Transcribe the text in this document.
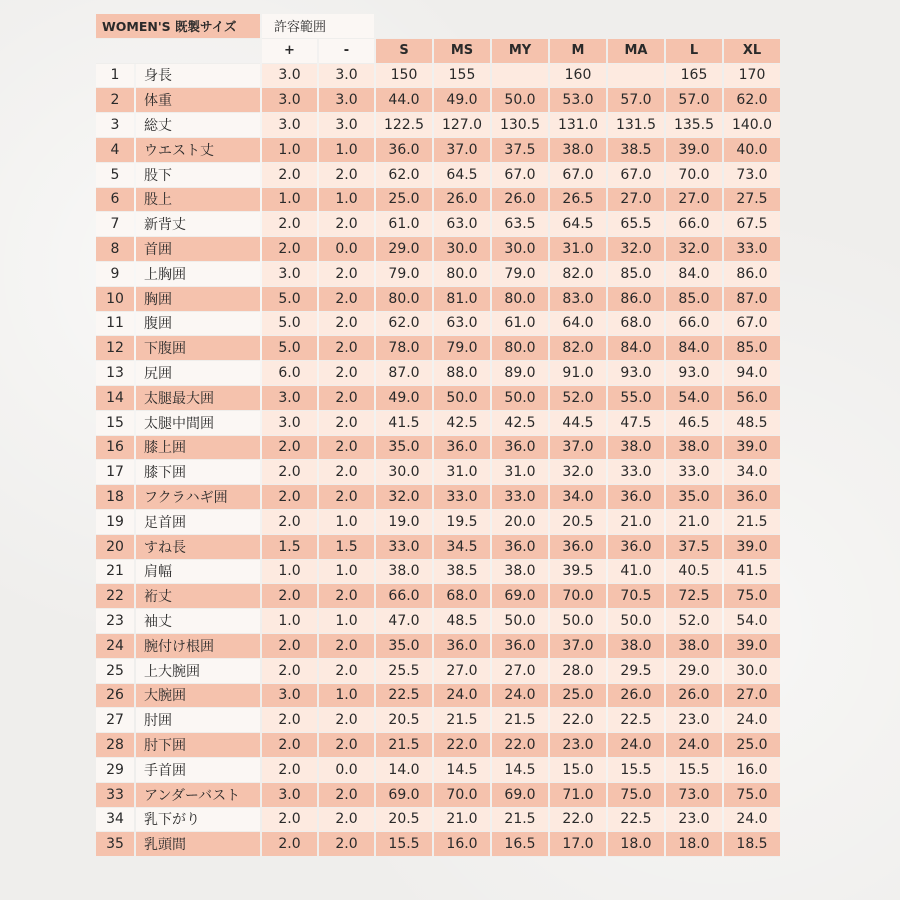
WOMEN'S 既製サイズ		許容範囲								
		+	-	S	MS	MY	M	MA	L	XL
1	身長	3.0	3.0	150	155		160		165	170
2	体重	3.0	3.0	44.0	49.0	50.0	53.0	57.0	57.0	62.0
3	総丈	3.0	3.0	122.5	127.0	130.5	131.0	131.5	135.5	140.0
4	ウエスト丈	1.0	1.0	36.0	37.0	37.5	38.0	38.5	39.0	40.0
5	股下	2.0	2.0	62.0	64.5	67.0	67.0	67.0	70.0	73.0
6	股上	1.0	1.0	25.0	26.0	26.0	26.5	27.0	27.0	27.5
7	新背丈	2.0	2.0	61.0	63.0	63.5	64.5	65.5	66.0	67.5
8	首囲	2.0	0.0	29.0	30.0	30.0	31.0	32.0	32.0	33.0
9	上胸囲	3.0	2.0	79.0	80.0	79.0	82.0	85.0	84.0	86.0
10	胸囲	5.0	2.0	80.0	81.0	80.0	83.0	86.0	85.0	87.0
11	腹囲	5.0	2.0	62.0	63.0	61.0	64.0	68.0	66.0	67.0
12	下腹囲	5.0	2.0	78.0	79.0	80.0	82.0	84.0	84.0	85.0
13	尻囲	6.0	2.0	87.0	88.0	89.0	91.0	93.0	93.0	94.0
14	太腿最大囲	3.0	2.0	49.0	50.0	50.0	52.0	55.0	54.0	56.0
15	太腿中間囲	3.0	2.0	41.5	42.5	42.5	44.5	47.5	46.5	48.5
16	膝上囲	2.0	2.0	35.0	36.0	36.0	37.0	38.0	38.0	39.0
17	膝下囲	2.0	2.0	30.0	31.0	31.0	32.0	33.0	33.0	34.0
18	フクラハギ囲	2.0	2.0	32.0	33.0	33.0	34.0	36.0	35.0	36.0
19	足首囲	2.0	1.0	19.0	19.5	20.0	20.5	21.0	21.0	21.5
20	すね長	1.5	1.5	33.0	34.5	36.0	36.0	36.0	37.5	39.0
21	肩幅	1.0	1.0	38.0	38.5	38.0	39.5	41.0	40.5	41.5
22	裄丈	2.0	2.0	66.0	68.0	69.0	70.0	70.5	72.5	75.0
23	袖丈	1.0	1.0	47.0	48.5	50.0	50.0	50.0	52.0	54.0
24	腕付け根囲	2.0	2.0	35.0	36.0	36.0	37.0	38.0	38.0	39.0
25	上大腕囲	2.0	2.0	25.5	27.0	27.0	28.0	29.5	29.0	30.0
26	大腕囲	3.0	1.0	22.5	24.0	24.0	25.0	26.0	26.0	27.0
27	肘囲	2.0	2.0	20.5	21.5	21.5	22.0	22.5	23.0	24.0
28	肘下囲	2.0	2.0	21.5	22.0	22.0	23.0	24.0	24.0	25.0
29	手首囲	2.0	0.0	14.0	14.5	14.5	15.0	15.5	15.5	16.0
33	アンダーバスト	3.0	2.0	69.0	70.0	69.0	71.0	75.0	73.0	75.0
34	乳下がり	2.0	2.0	20.5	21.0	21.5	22.0	22.5	23.0	24.0
35	乳頭間	2.0	2.0	15.5	16.0	16.5	17.0	18.0	18.0	18.5
